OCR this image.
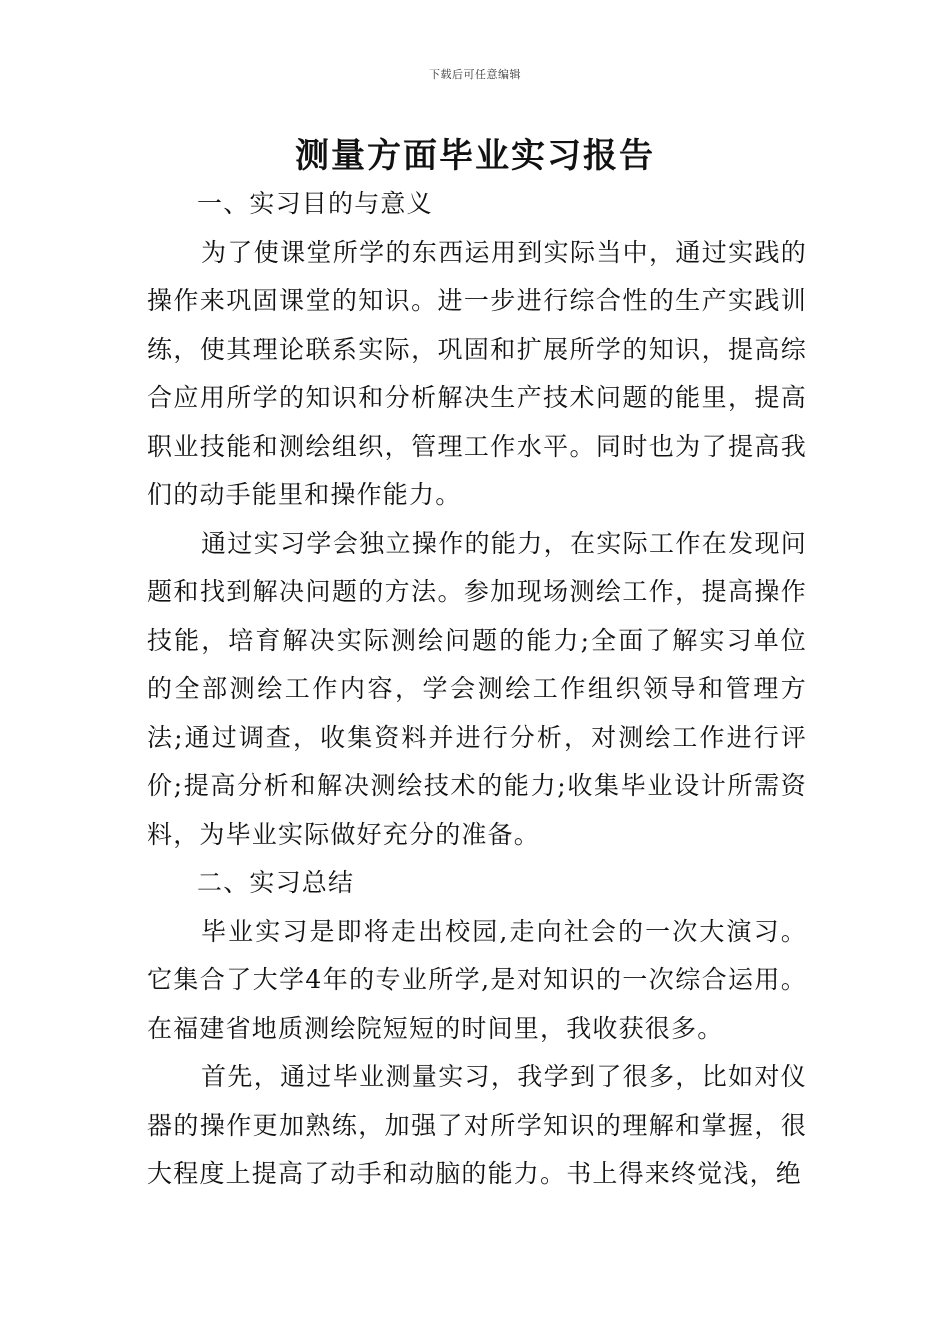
下载后可任意编辑
测量方面毕业实习报告
一、实习目的与意义

为了使课堂所学的东西运用到实际当中，通过实践的操作来巩固课堂的知识。进一步进行综合性的生产实践训练，使其理论联系实际，巩固和扩展所学的知识，提高综合应用所学的知识和分析解决生产技术问题的能里，提高职业技能和测绘组织，管理工作水平。同时也为了提高我们的动手能里和操作能力。

通过实习学会独立操作的能力，在实际工作在发现问题和找到解决问题的方法。参加现场测绘工作，提高操作技能，培育解决实际测绘问题的能力;全面了解实习单位的全部测绘工作内容，学会测绘工作组织领导和管理方法;通过调查，收集资料并进行分析，对测绘工作进行评价;提高分析和解决测绘技术的能力;收集毕业设计所需资料，为毕业实际做好充分的准备。

二、实习总结

毕业实习是即将走出校园,走向社会的一次大演习。它集合了大学4年的专业所学,是对知识的一次综合运用。在福建省地质测绘院短短的时间里，我收获很多。

首先，通过毕业测量实习，我学到了很多，比如对仪器的操作更加熟练，加强了对所学知识的理解和掌握，很大程度上提高了动手和动脑的能力。书上得来终觉浅，绝
